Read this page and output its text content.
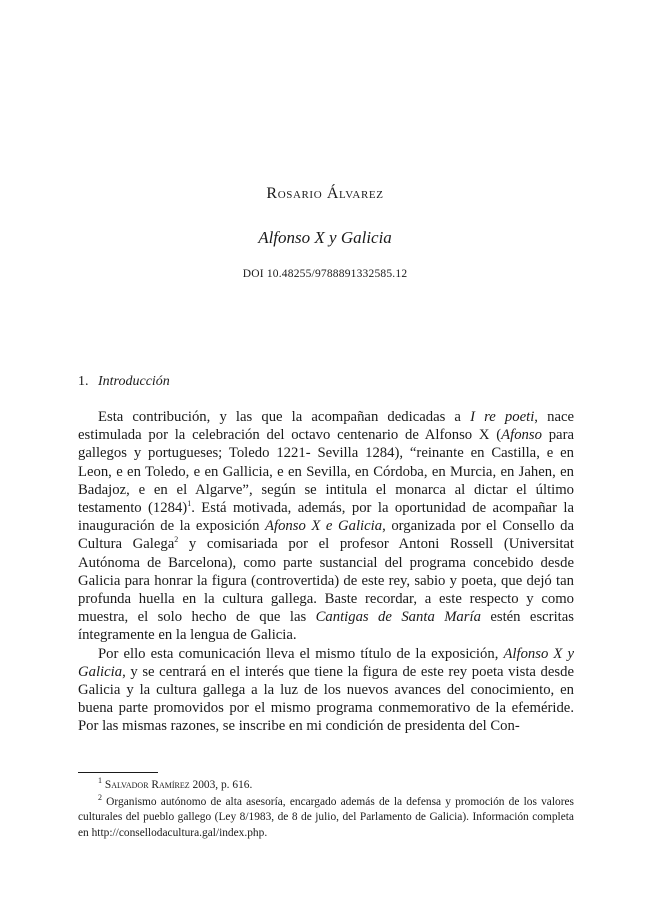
Rosario Álvarez
Alfonso X y Galicia
DOI 10.48255/9788891332585.12
1. Introducción

Esta contribución, y las que la acompañan dedicadas a I re poeti, nace estimulada por la celebración del octavo centenario de Alfonso X (Afonso para gallegos y portugueses; Toledo 1221- Sevilla 1284), “reinante en Castilla, e en Leon, e en Toledo, e en Gallicia, e en Sevilla, en Córdoba, en Murcia, en Jahen, en Badajoz, e en el Algarve”, según se intitula el monarca al dictar el último testamento $(1284)^1$. Está motivada, además, por la oportunidad de acompañar la inauguración de la exposición Afonso X e Galicia, organizada por el Consello da Cultura Galega$^2$ y comisariada por el profesor Antoni Rossell (Universitat Autónoma de Barcelona), como parte sustancial del programa concebido desde Galicia para honrar la figura (controvertida) de este rey, sabio y poeta, que dejó tan profunda huella en la cultura gallega. Baste recordar, a este respecto y como muestra, el solo hecho de que las Cantigas de Santa María estén escritas íntegramente en la lengua de Galicia.

Por ello esta comunicación lleva el mismo título de la exposición, Alfonso X y Galicia, y se centrará en el interés que tiene la figura de este rey poeta vista desde Galicia y la cultura gallega a la luz de los nuevos avances del conocimiento, en buena parte promovidos por el mismo programa conmemorativo de la efeméride. Por las mismas razones, se inscribe en mi condición de presidenta del Con-

$^1$ Salvador Ramírez 2003, p. 616.

$^2$ Organismo autónomo de alta asesoría, encargado además de la defensa y promoción de los valores culturales del pueblo gallego (Ley 8/1983, de 8 de julio, del Parlamento de Galicia). Información completa en http://consellodacultura.gal/index.php.
